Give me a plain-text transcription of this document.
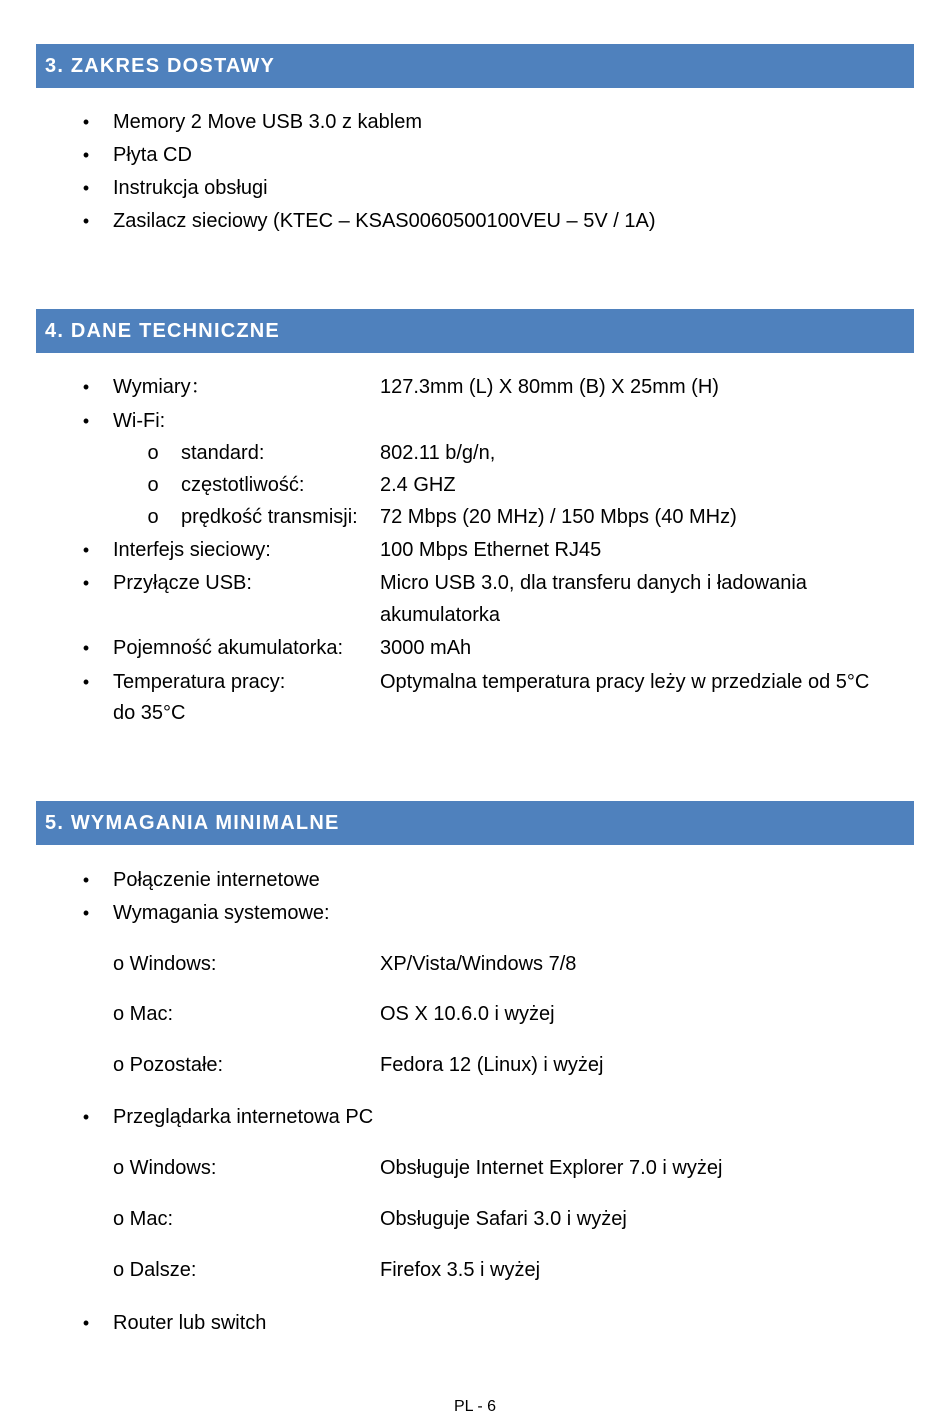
3. ZAKRES DOSTAWY
• Memory 2 Move USB 3.0 z kablem
• Płyta CD
• Instrukcja obsługi
• Zasilacz sieciowy (KTEC – KSAS0060500100VEU – 5V / 1A)
4. DANE TECHNICZNE
• Wymiary：	127.3mm (L) X 80mm (B) X 25mm (H)
• Wi-Fi:
o standard:	802.11 b/g/n,
o częstotliwość:	2.4 GHZ
o prędkość transmisji: 72 Mbps (20 MHz) / 150 Mbps (40 MHz)
• Interfejs sieciowy:	100 Mbps Ethernet RJ45
• Przyłącze USB:	Micro USB 3.0, dla transferu danych i ładowania
akumulatorka
• Pojemność akumulatorka: 3000 mAh
• Temperatura pracy:	Optymalna temperatura pracy leży w przedziale od 5°C
do 35°C
5. WYMAGANIA MINIMALNE
• Połączenie internetowe
• Wymagania systemowe:
o Windows:	XP/Vista/Windows 7/8
o Mac:	OS X 10.6.0 i wyżej
o Pozostałe:	Fedora 12 (Linux) i wyżej
• Przeglądarka internetowa PC
o Windows:	Obsługuje Internet Explorer 7.0 i wyżej
o Mac:	Obsługuje Safari 3.0 i wyżej
o Dalsze:	Firefox 3.5 i wyżej
• Router lub switch
PL - 6
